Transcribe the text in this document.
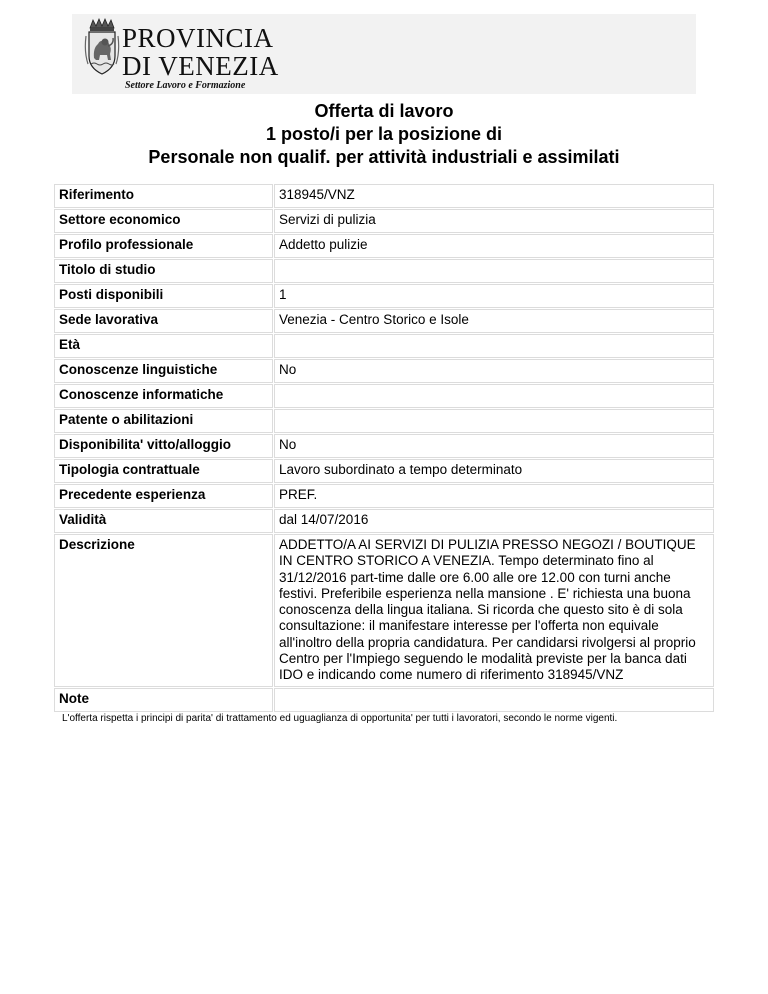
PROVINCIA
DI VENEZIA
Settore Lavoro e Formazione
Offerta di lavoro
1 posto/i per la posizione di
Personale non qualif. per attività industriali e assimilati
Riferimento	318945/VNZ
Settore economico	Servizi di pulizia
Profilo professionale	Addetto pulizie
Titolo di studio	
Posti disponibili	1
Sede lavorativa	Venezia - Centro Storico e Isole
Età	
Conoscenze linguistiche	No
Conoscenze informatiche	
Patente o abilitazioni	
Disponibilita' vitto/alloggio	No
Tipologia contrattuale	Lavoro subordinato a tempo determinato
Precedente esperienza	PREF.
Validità	dal 14/07/2016
Descrizione	ADDETTO/A AI SERVIZI DI PULIZIA PRESSO NEGOZI / BOUTIQUE IN CENTRO STORICO A VENEZIA. Tempo determinato fino al 31/12/2016 part-time dalle ore 6.00 alle ore 12.00 con turni anche festivi. Preferibile esperienza nella mansione . E' richiesta una buona conoscenza della lingua italiana. Si ricorda che questo sito è di sola consultazione: il manifestare interesse per l'offerta non equivale all'inoltro della propria candidatura. Per candidarsi rivolgersi al proprio Centro per l'Impiego seguendo le modalità previste per la banca dati IDO e indicando come numero di riferimento 318945/VNZ
Note	
L'offerta rispetta i principi di parita' di trattamento ed uguaglianza di opportunita' per tutti i lavoratori, secondo le norme vigenti.
